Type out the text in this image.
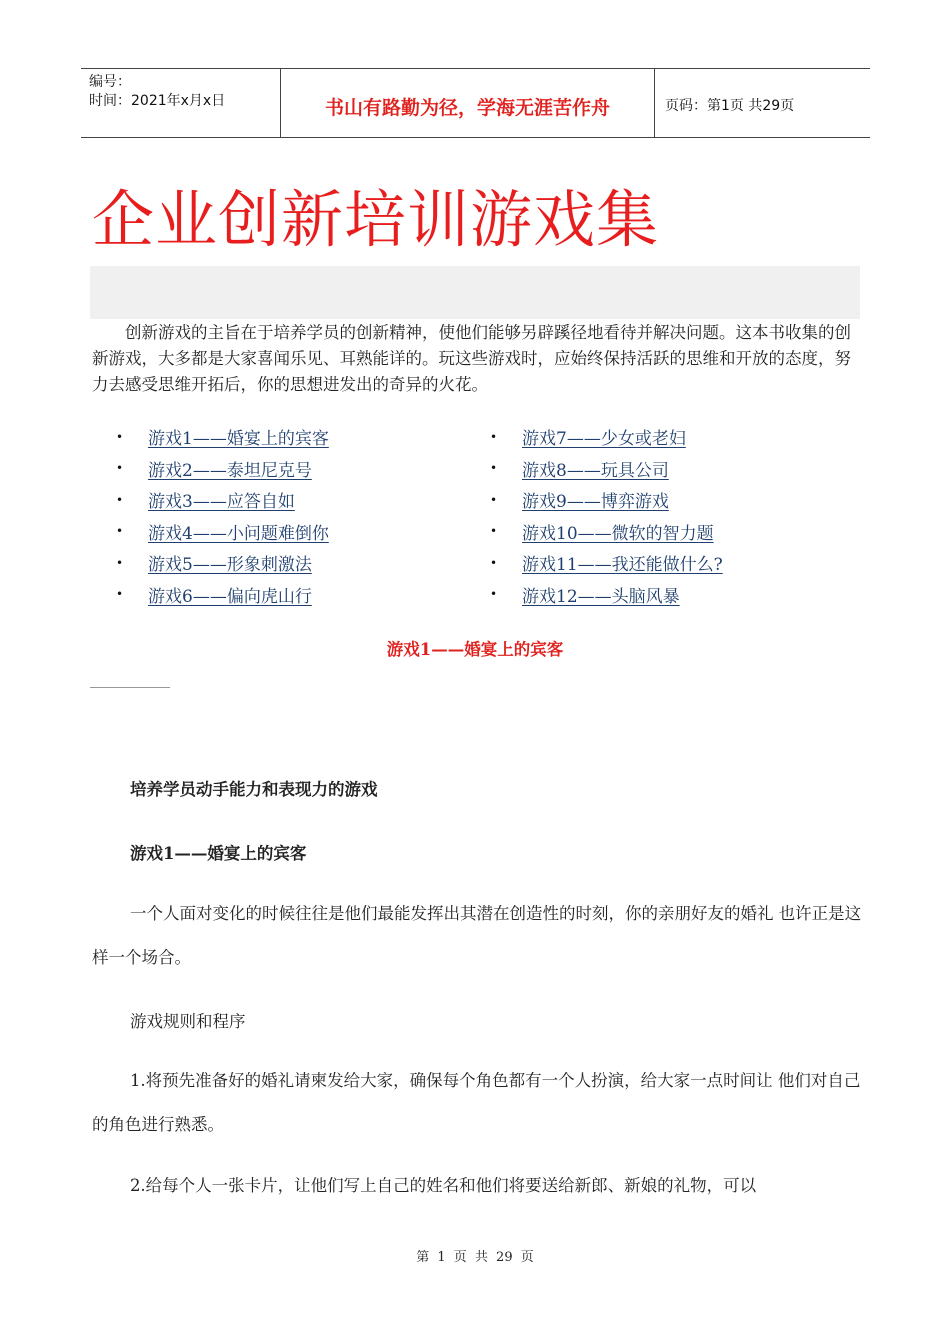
编号：
时间：2021年x月x日	书山有路勤为径，学海无涯苦作舟	页码：第1页 共29页
企业创新培训游戏集

创新游戏的主旨在于培养学员的创新精神，使他们能够另辟蹊径地看待并解决问题。这本书收集的创新游戏，大多都是大家喜闻乐见、耳熟能详的。玩这些游戏时，应始终保持活跃的思维和开放的态度，努力去感受思维开拓后，你的思想进发出的奇异的火花。

•	游戏1——婚宴上的宾客
•	游戏2——泰坦尼克号
•	游戏3——应答自如
•	游戏4——小问题难倒你
•	游戏5——形象刺激法
•	游戏6——偏向虎山行
•	游戏7——少女或老妇
•	游戏8——玩具公司
•	游戏9——博弈游戏
•	游戏10——微软的智力题
•	游戏11——我还能做什么?
•	游戏12——头脑风暴
游戏1——婚宴上的宾客

培养学员动手能力和表现力的游戏

游戏1——婚宴上的宾客

一个人面对变化的时候往往是他们最能发挥出其潜在创造性的时刻，你的亲朋好友的婚礼 也许正是这样一个场合。

游戏规则和程序

1.将预先准备好的婚礼请柬发给大家，确保每个角色都有一个人扮演，给大家一点时间让 他们对自己的角色进行熟悉。

2.给每个人一张卡片，让他们写上自己的姓名和他们将要送给新郎、新娘的礼物，可以

第 1 页 共 29 页
